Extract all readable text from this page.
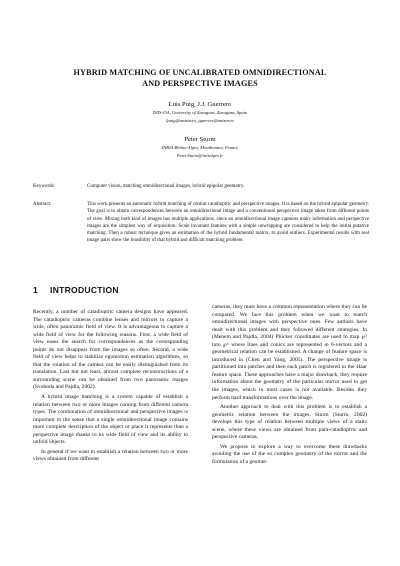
HYBRID MATCHING OF UNCALIBRATED OMNIDIRECTIONAL
AND PERSPECTIVE IMAGES
Luis Puig, J.J. Guerrero
DIIS-I3A, University of Zaragoza, Zaragoza, Spain
lpuig@unizar.es, jguerrer@unizar.es
Peter Sturm
INRIA Rhône-Alpes, Montbonnot, France
Peter.Sturm@inrialpes.fr
Keywords:	Computer vision, matching omnidirectional images, hybrid epipolar geometry.
Abstract:	This work presents an automatic hybrid matching of central catadioptric and perspective images. It is based on the hybrid epipolar geometry. The goal is to obtain correspondences between an omnidirectional image and a conventional perspective image taken from different points of view. Mixing both kind of images has multiple applications, since an omnidirectional image captures many information and perspective images are the simplest way of acquisition. Scale invariant features with a simple unwrapping are considered to help the initial putative matching. Then a robust technique gives an estimation of the hybrid fundamental matrix, to avoid outliers. Experimental results with real image pairs show the feasibility of that hybrid and difficult matching problem.
1 INTRODUCTION

Recently, a number of catadioptric camera designs have appeared. The catadioptric cameras combine lenses and mirrors to capture a wide, often panoramic field of view. It is advantageous to capture a wide field of view for the following reasons. First, a wide field of view eases the search for correspondences as the corresponding points do not disappear from the images so often. Second, a wide field of view helps to stabilize egomotion estimation algorithms, so that the rotation of the camera can be easily distinguished from its translation. Last but not least, almost complete reconstructions of a surrounding scene can be obtained from two panoramic images (Svoboda and Pajdla, 2002).

A hybrid image matching is a system capable of establish a relation between two or more images coming from different camera types. The combination of omnidirectional and perspective images is important in the sense that a single omnidirectional image contains more complete description of the object or place it represents than a perspective image thanks to its wide field of view and its ability to unfold objects.

In general if we want to establish a relation between two or more views obtained from different

cameras, they must have a common representation where they can be compared. We face this problem when we want to match omnidirectional images with perspective ones. Few authors have dealt with this problem and they followed different strategies. In (Menem and Pajdla, 2004) Plücker coordinates are used to map ℘² into ℘⁵ where lines and conics are represented in 6-vectors and a geometrical relation can be established. A change of feature space is introduced in (Chen and Yang, 2005). The perspective image is partitioned into patches and then each patch is registered in the Haar feature space. These approaches have a major drawback, they require information about the geometry of the particular mirror used to get the images, which in most cases is not available. Besides they perform hard transformations over the image.

Another approach to deal with this problem is to establish a geometric relation between the images. Sturm (Sturm, 2002) develops this type of relation between multiple views of a static scene, where these views are obtained from para-catadioptric and perspective cameras.

We propose to explore a way to overcome these drawbacks avoiding the use of the so complex geometry of the mirror and the formulation of a geomet-
